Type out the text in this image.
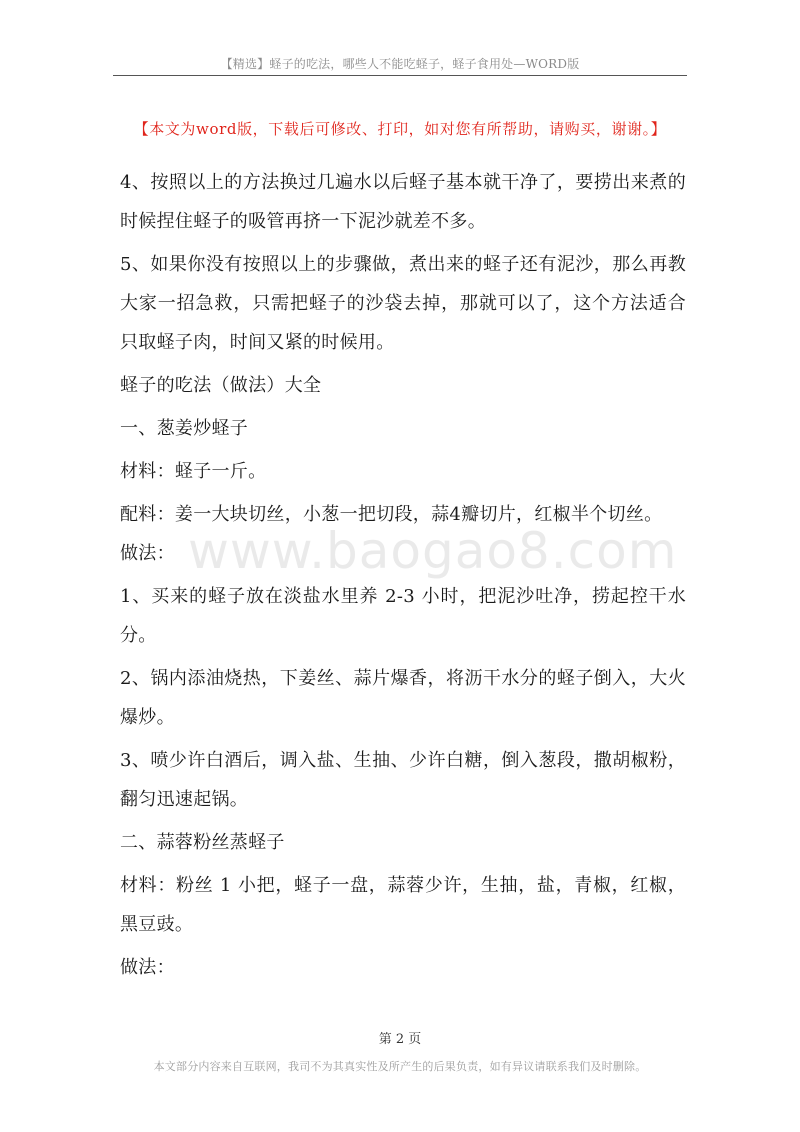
【精选】蛏子的吃法，哪些人不能吃蛏子，蛏子食用处—WORD版
【本文为word版，下载后可修改、打印，如对您有所帮助，请购买，谢谢。】
www.baogao8.com

4、按照以上的方法换过几遍水以后蛏子基本就干净了，要捞出来煮的时候捏住蛏子的吸管再挤一下泥沙就差不多。

5、如果你没有按照以上的步骤做，煮出来的蛏子还有泥沙，那么再教大家一招急救，只需把蛏子的沙袋去掉，那就可以了，这个方法适合只取蛏子肉，时间又紧的时候用。

蛏子的吃法（做法）大全

一、葱姜炒蛏子

材料：蛏子一斤。

配料：姜一大块切丝，小葱一把切段，蒜4瓣切片，红椒半个切丝。

做法：

1、买来的蛏子放在淡盐水里养 2-3 小时，把泥沙吐净，捞起控干水分。

2、锅内添油烧热，下姜丝、蒜片爆香，将沥干水分的蛏子倒入，大火爆炒。

3、喷少许白酒后，调入盐、生抽、少许白糖，倒入葱段，撒胡椒粉，翻匀迅速起锅。

二、蒜蓉粉丝蒸蛏子

材料：粉丝 1 小把，蛏子一盘，蒜蓉少许，生抽，盐，青椒，红椒，黑豆豉。

做法：

第 2 页
本文部分内容来自互联网，我司不为其真实性及所产生的后果负责，如有异议请联系我们及时删除。
